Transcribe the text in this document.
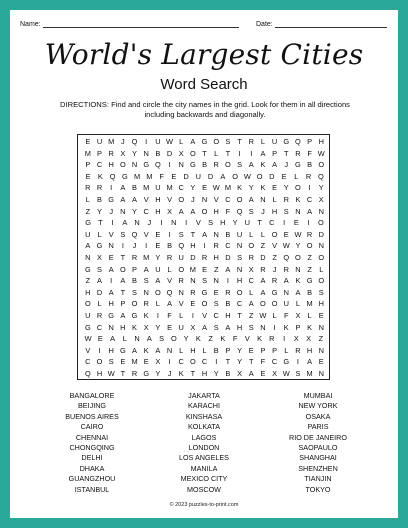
Name:	Date:
World's Largest Cities
Word Search
DIRECTIONS: Find and circle the city names in the grid. Look for them in all directions including backwards and diagonally.
E U M J Q	I	U W L A G O S T R L U G Q P H
M P R X Y N B D X O T L T	I	I	A P T R F W
P C H O N G Q	I	N G B R O S A K A J G B O
E K Q G M M F	E D U D A O W O D E	L	R Q
R R	I	A B M U M C Y E W M K Y K E Y O	I	Y
L B G A A V H V O J N V C O A N L R K C X
Z Y J N Y C H X A A O H F Q S J H S N A N
G T	I	A N	J	I	N	I	V S H Y U T C	I	E	I	O
U L V S Q V E	I	S T A N B U L	L O E W R D
A G N	I	J	I	E B Q H	I	R C N O Z V W Y O N
N X E T R M Y R U D R H D S R D Z Q O Z O
G S A O P A U L O M E Z A N X R J R N Z L
Z A	I	A B S A V R N S N	I	H C A R A K G O
H D A T S N O Q N R G E R O L A G N A B S
O L H P O R L A V E O S B C A O O U L M H
U R G A G K	I	F L	I	V C H T Z W L F X L E
G C N H K X Y E U X A S A H S N	I	K P K N
W E A	L	N A S O Y K	Z	K	F	V K R	I	X X	Z
V	I	H G A K A N L H L B P Y E P P L R H N
C O S E M E X	I	C O C	I	T Y T F C G	I	A E
Q H W T R G Y J K T H Y B X A E X W S M N
BANGALORE
BEIJING
BUENOS AIRES
CAIRO
CHENNAI
CHONGQING
DELHI
DHAKA
GUANGZHOU
ISTANBUL
JAKARTA
KARACHI
KINSHASA
KOLKATA
LAGOS
LONDON
LOS ANGELES
MANILA
MEXICO CITY
MOSCOW
MUMBAI
NEW YORK
OSAKA
PARIS
RIO DE JANEIRO
SAOPAULO
SHANGHAI
SHENZHEN
TIANJIN
TOKYO
© 2023 puzzles-to-print.com
